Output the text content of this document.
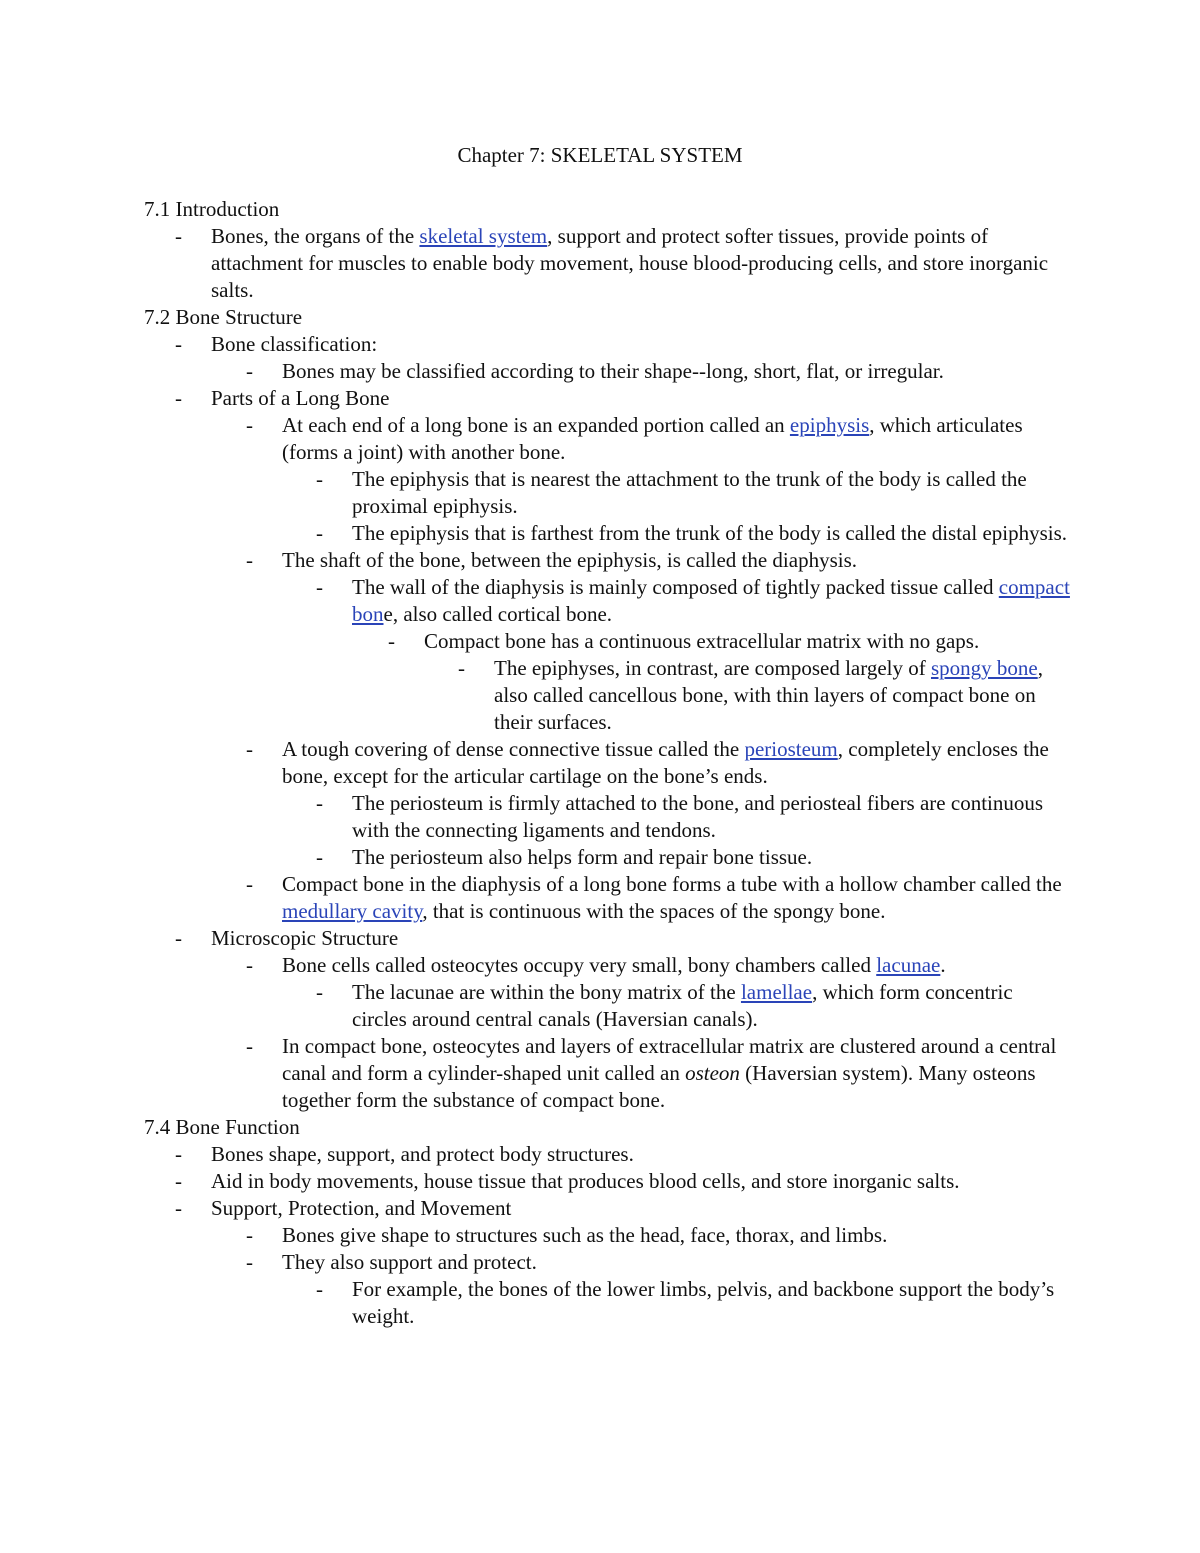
Chapter 7: SKELETAL SYSTEM

7.1 Introduction

- Bones, the organs of the skeletal system, support and protect softer tissues, provide points of attachment for muscles to enable body movement, house blood-producing cells, and store inorganic salts.

7.2 Bone Structure

- Bone classification:

- Bones may be classified according to their shape--long, short, flat, or irregular.

- Parts of a Long Bone

- At each end of a long bone is an expanded portion called an epiphysis, which articulates (forms a joint) with another bone.

- The epiphysis that is nearest the attachment to the trunk of the body is called the proximal epiphysis.

- The epiphysis that is farthest from the trunk of the body is called the distal epiphysis.

- The shaft of the bone, between the epiphysis, is called the diaphysis.

- The wall of the diaphysis is mainly composed of tightly packed tissue called compact bone, also called cortical bone.

- Compact bone has a continuous extracellular matrix with no gaps.

- The epiphyses, in contrast, are composed largely of spongy bone, also called cancellous bone, with thin layers of compact bone on their surfaces.

- A tough covering of dense connective tissue called the periosteum, completely encloses the bone, except for the articular cartilage on the bone’s ends.

- The periosteum is firmly attached to the bone, and periosteal fibers are continuous with the connecting ligaments and tendons.

- The periosteum also helps form and repair bone tissue.

- Compact bone in the diaphysis of a long bone forms a tube with a hollow chamber called the medullary cavity, that is continuous with the spaces of the spongy bone.

- Microscopic Structure

- Bone cells called osteocytes occupy very small, bony chambers called lacunae.

- The lacunae are within the bony matrix of the lamellae, which form concentric circles around central canals (Haversian canals).

- In compact bone, osteocytes and layers of extracellular matrix are clustered around a central canal and form a cylinder-shaped unit called an osteon (Haversian system). Many osteons together form the substance of compact bone.

7.4 Bone Function

- Bones shape, support, and protect body structures.

- Aid in body movements, house tissue that produces blood cells, and store inorganic salts.

- Support, Protection, and Movement

- Bones give shape to structures such as the head, face, thorax, and limbs.

- They also support and protect.

- For example, the bones of the lower limbs, pelvis, and backbone support the body’s weight.
